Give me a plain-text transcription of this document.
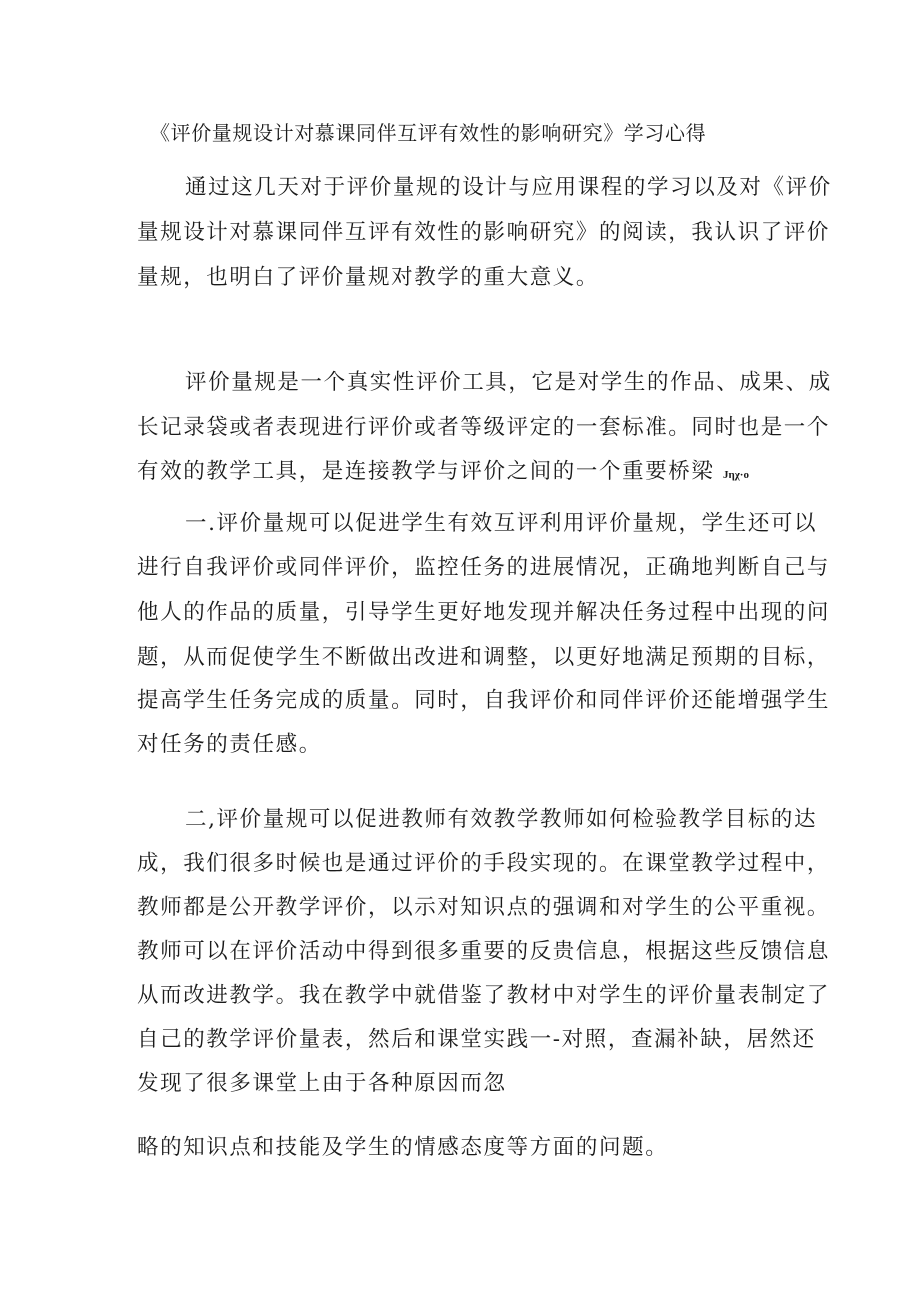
《评价量规设计对慕课同伴互评有效性的影响研究》学习心得
通过这几天对于评价量规的设计与应用课程的学习以及对《评价
量规设计对慕课同伴互评有效性的影响研究》的阅读，我认识了评价
量规，也明白了评价量规对教学的重大意义。
评价量规是一个真实性评价工具，它是对学生的作品、成果、成
长记录袋或者表现进行评价或者等级评定的一套标准。同时也是一个
有效的教学工具，是连接教学与评价之间的一个重要桥梁 Jηχ·o
一.评价量规可以促进学生有效互评利用评价量规，学生还可以
进行自我评价或同伴评价，监控任务的进展情况，正确地判断自己与
他人的作品的质量，引导学生更好地发现并解决任务过程中出现的问
题，从而促使学生不断做出改进和调整，以更好地满足预期的目标，
提高学生任务完成的质量。同时，自我评价和同伴评价还能增强学生
对任务的责任感。
二,评价量规可以促进教师有效教学教师如何检验教学目标的达
成，我们很多时候也是通过评价的手段实现的。在课堂教学过程中，
教师都是公开教学评价，以示对知识点的强调和对学生的公平重视。
教师可以在评价活动中得到很多重要的反贵信息，根据这些反馈信息
从而改进教学。我在教学中就借鉴了教材中对学生的评价量表制定了
自己的教学评价量表，然后和课堂实践一-对照，查漏补缺，居然还
发现了很多课堂上由于各种原因而忽
略的知识点和技能及学生的情感态度等方面的问题。
